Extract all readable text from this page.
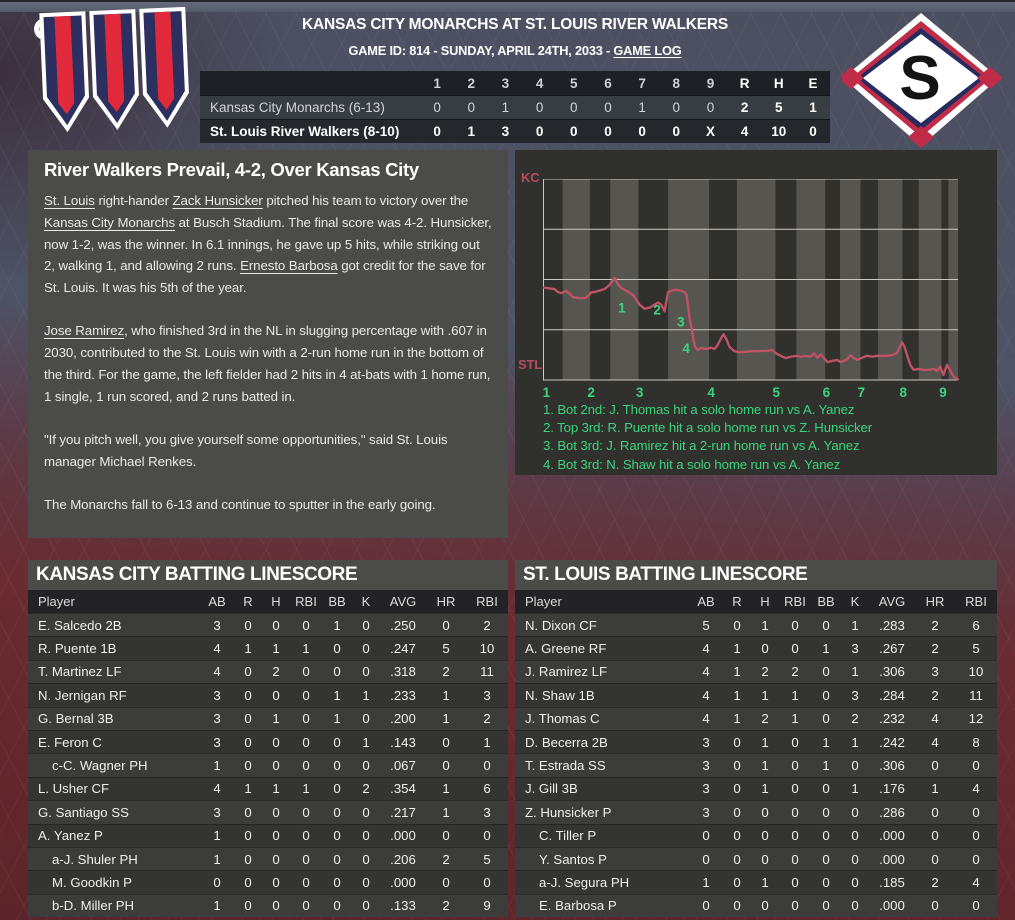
S
KANSAS CITY MONARCHS AT ST. LOUIS RIVER WALKERS
GAME ID: 814 - SUNDAY, APRIL 24TH, 2033 - GAME LOG
1	2	3	4	5	6	7	8	9	R	H	E
Kansas City Monarchs (6-13)	0	0	1	0	0	0	1	0	0	2	5	1
St. Louis River Walkers (8-10)	0	1	3	0	0	0	0	0	X	4	10	0
River Walkers Prevail, 4-2, Over Kansas City

St. Louis right-hander Zack Hunsicker pitched his team to victory over the Kansas City Monarchs at Busch Stadium. The final score was 4-2. Hunsicker, now 1-2, was the winner. In 6.1 innings, he gave up 5 hits, while striking out 2, walking 1, and allowing 2 runs. Ernesto Barbosa got credit for the save for St. Louis. It was his 5th of the year.

Jose Ramirez, who finished 3rd in the NL in slugging percentage with .607 in 2030, contributed to the St. Louis win with a 2-run home run in the bottom of the third. For the game, the left fielder had 2 hits in 4 at-bats with 1 home run, 1 single, 1 run scored, and 2 runs batted in.

"If you pitch well, you give yourself some opportunities," said St. Louis manager Michael Renkes.

The Monarchs fall to 6-13 and continue to sputter in the early going.

KC
STL
1 2
3
4
1	2	3	4	5	6 7	8 9
1. Bot 2nd: J. Thomas hit a solo home run vs A. Yanez
2. Top 3rd: R. Puente hit a solo home run vs Z. Hunsicker
3. Bot 3rd: J. Ramirez hit a 2-run home run vs A. Yanez
4. Bot 3rd: N. Shaw hit a solo home run vs A. Yanez
KANSAS CITY BATTING LINESCORE
Player	AB	R	H	RBI BB	K	AVG	HR	RBI
E. Salcedo 2B	3	0	0	0	1	0	.250	0	2
R. Puente 1B	4	1	1	1	0	0	.247	5	10
T. Martinez LF	4	0	2	0	0	0	.318	2	11
N. Jernigan RF	3	0	0	0	1	1	.233	1	3
G. Bernal 3B	3	0	1	0	1	0	.200	1	2
E. Feron C	3	0	0	0	0	1	.143	0	1
c-C. Wagner PH	1	0	0	0	0	0	.067	0	0
L. Usher CF	4	1	1	1	0	2	.354	1	6
G. Santiago SS	3	0	0	0	0	0	.217	1	3
A. Yanez P	1	0	0	0	0	0	.000	0	0
a-J. Shuler PH	1	0	0	0	0	0	.206	2	5
M. Goodkin P	0	0	0	0	0	0	.000	0	0
b-D. Miller PH	1	0	0	0	0	0	.133	2	9
ST. LOUIS BATTING LINESCORE
Player	AB	R	H	RBI BB	K	AVG	HR	RBI
N. Dixon CF	5	0	1	0	0	1	.283	2	6
A. Greene RF	4	1	0	0	1	3	.267	2	5
J. Ramirez LF	4	1	2	2	0	1	.306	3	10
N. Shaw 1B	4	1	1	1	0	3	.284	2	11
J. Thomas C	4	1	2	1	0	2	.232	4	12
D. Becerra 2B	3	0	1	0	1	1	.242	4	8
T. Estrada SS	3	0	1	0	1	0	.306	0	0
J. Gill 3B	3	0	1	0	0	1	.176	1	4
Z. Hunsicker P	3	0	0	0	0	0	.286	0	0
C. Tiller P	0	0	0	0	0	0	.000	0	0
Y. Santos P	0	0	0	0	0	0	.000	0	0
a-J. Segura PH	1	0	1	0	0	0	.185	2	4
E. Barbosa P	0	0	0	0	0	0	.000	0	0
